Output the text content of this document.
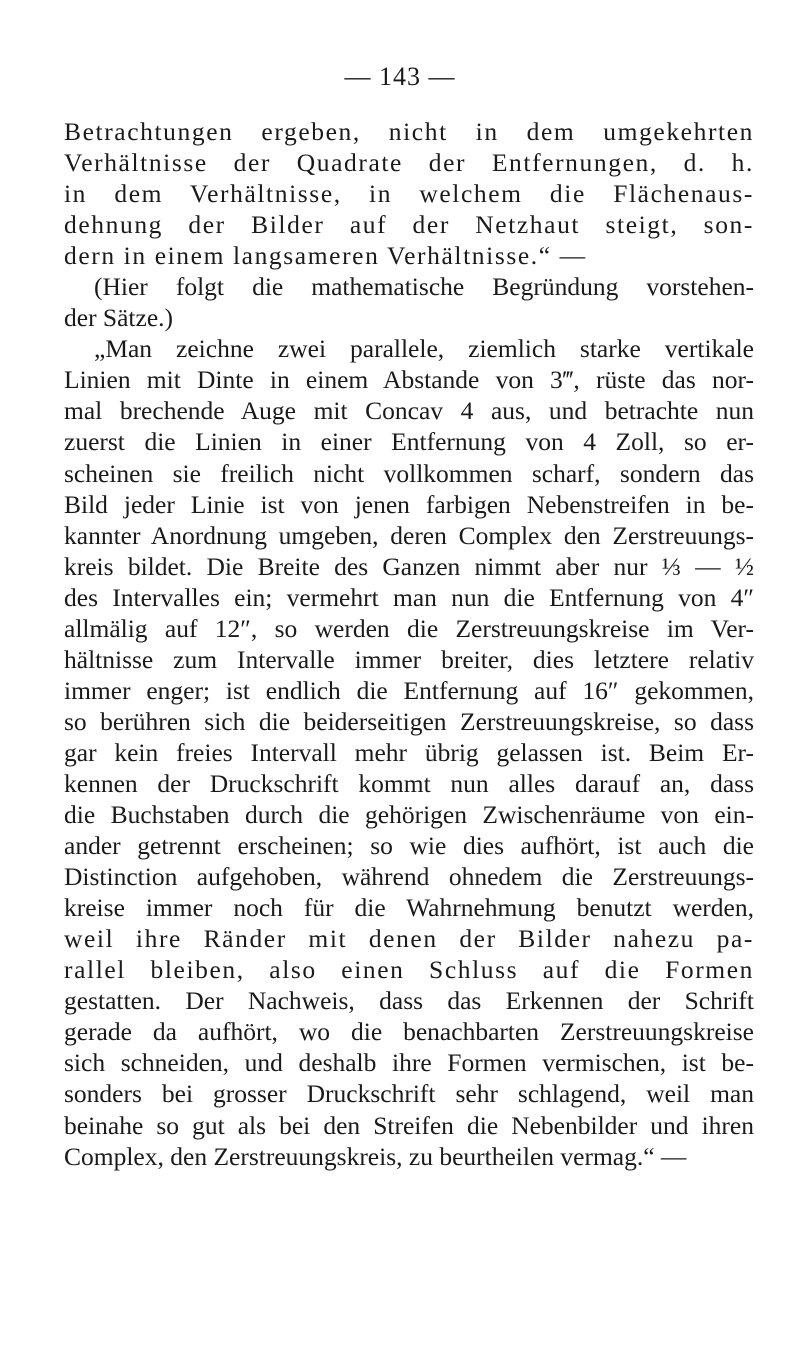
— 143 —
Betrachtungen ergeben, nicht in dem umgekehrten
Verhältnisse der Quadrate der Entfernungen, d. h.
in dem Verhältnisse, in welchem die Flächenaus-
dehnung der Bilder auf der Netzhaut steigt, son-
dern in einem langsameren Verhältnisse.“ —
(Hier folgt die mathematische Begründung vorstehen-
der Sätze.)
„Man zeichne zwei parallele, ziemlich starke vertikale
Linien mit Dinte in einem Abstande von 3‴, rüste das nor-
mal brechende Auge mit Concav 4 aus, und betrachte nun
zuerst die Linien in einer Entfernung von 4 Zoll, so er-
scheinen sie freilich nicht vollkommen scharf, sondern das
Bild jeder Linie ist von jenen farbigen Nebenstreifen in be-
kannter Anordnung umgeben, deren Complex den Zerstreuungs-
kreis bildet. Die Breite des Ganzen nimmt aber nur ⅓ — ½
des Intervalles ein; vermehrt man nun die Entfernung von 4″
allmälig auf 12″, so werden die Zerstreuungskreise im Ver-
hältnisse zum Intervalle immer breiter, dies letztere relativ
immer enger; ist endlich die Entfernung auf 16″ gekommen,
so berühren sich die beiderseitigen Zerstreuungskreise, so dass
gar kein freies Intervall mehr übrig gelassen ist. Beim Er-
kennen der Druckschrift kommt nun alles darauf an, dass
die Buchstaben durch die gehörigen Zwischenräume von ein-
ander getrennt erscheinen; so wie dies aufhört, ist auch die
Distinction aufgehoben, während ohnedem die Zerstreuungs-
kreise immer noch für die Wahrnehmung benutzt werden,
weil ihre Ränder mit denen der Bilder nahezu pa-
rallel bleiben, also einen Schluss auf die Formen
gestatten. Der Nachweis, dass das Erkennen der Schrift
gerade da aufhört, wo die benachbarten Zerstreuungskreise
sich schneiden, und deshalb ihre Formen vermischen, ist be-
sonders bei grosser Druckschrift sehr schlagend, weil man
beinahe so gut als bei den Streifen die Nebenbilder und ihren
Complex, den Zerstreuungskreis, zu beurtheilen vermag.“ —
